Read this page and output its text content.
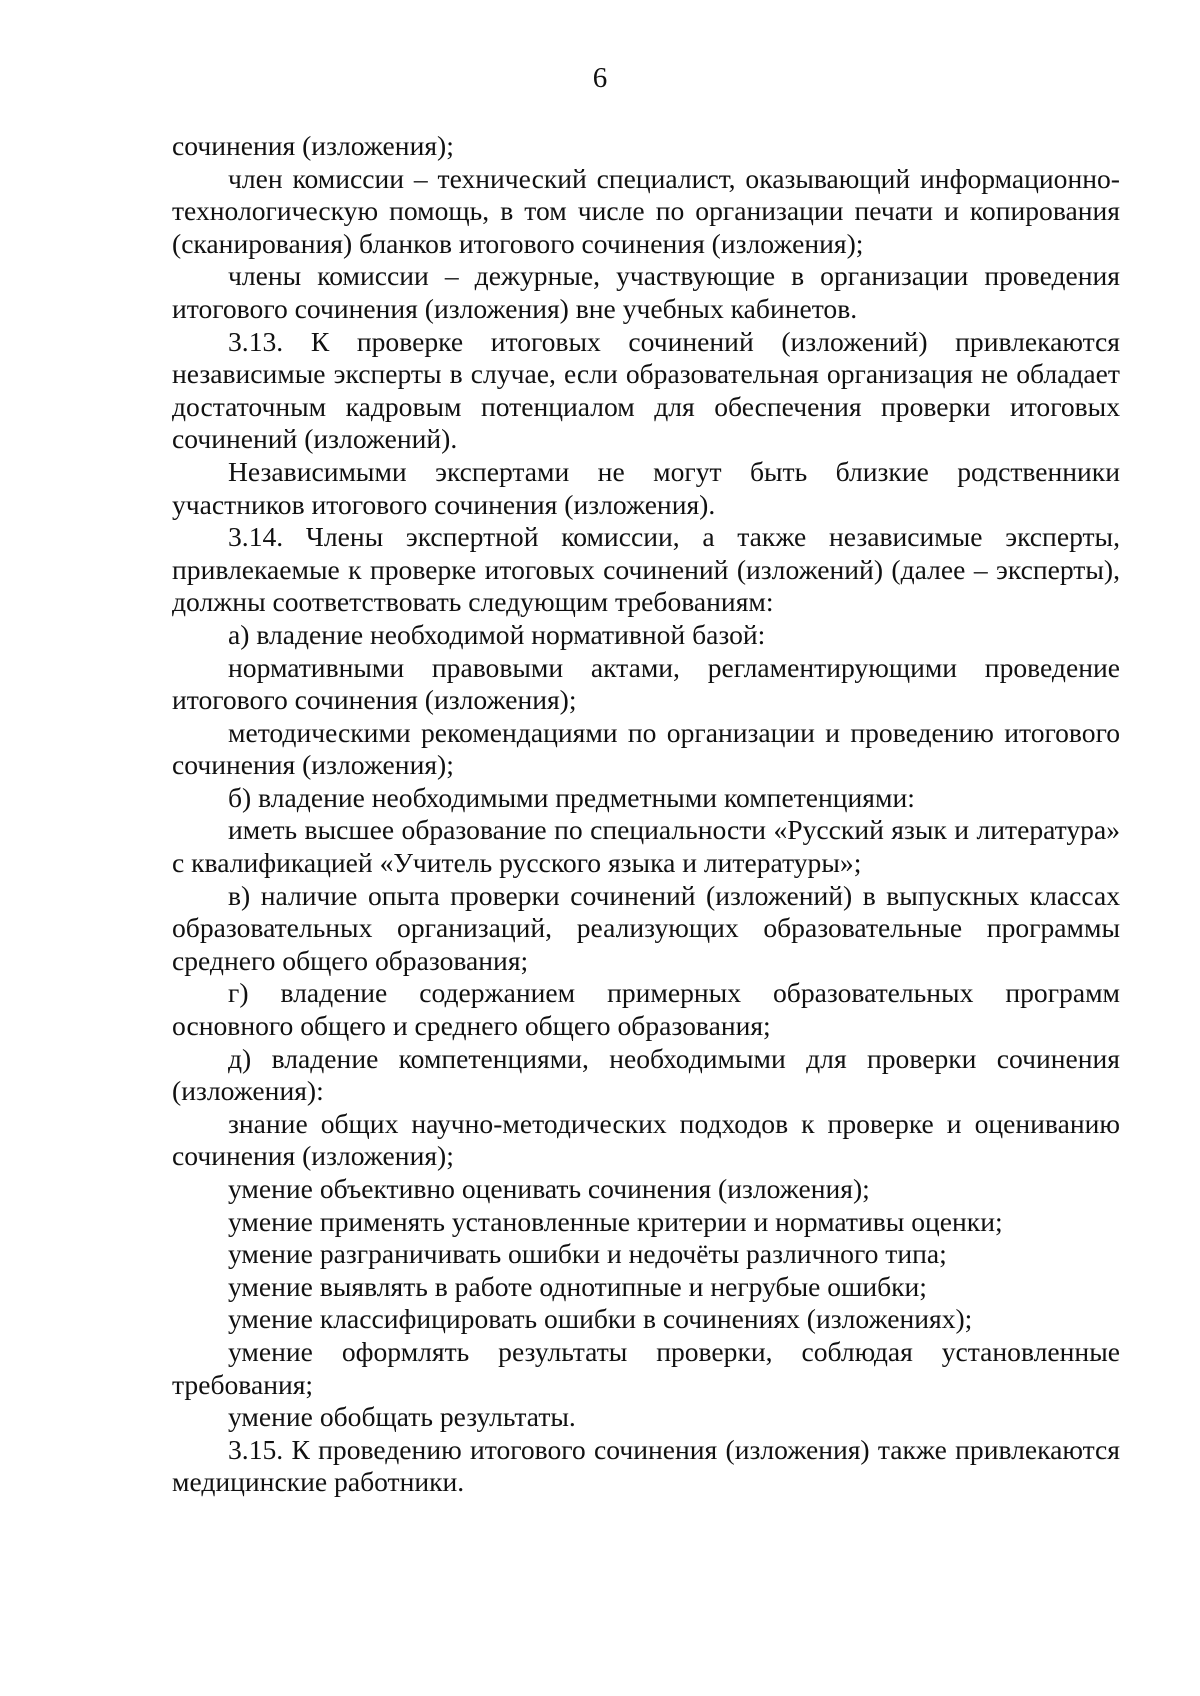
6

сочинения (изложения);

член комиссии – технический специалист, оказывающий информационно-технологическую помощь, в том числе по организации печати и копирования (сканирования) бланков итогового сочинения (изложения);

члены комиссии – дежурные, участвующие в организации проведения итогового сочинения (изложения) вне учебных кабинетов.

3.13. К проверке итоговых сочинений (изложений) привлекаются независимые эксперты в случае, если образовательная организация не обладает достаточным кадровым потенциалом для обеспечения проверки итоговых сочинений (изложений).

Независимыми экспертами не могут быть близкие родственники участников итогового сочинения (изложения).

3.14. Члены экспертной комиссии, а также независимые эксперты, привлекаемые к проверке итоговых сочинений (изложений) (далее – эксперты), должны соответствовать следующим требованиям:

а) владение необходимой нормативной базой:

нормативными правовыми актами, регламентирующими проведение итогового сочинения (изложения);

методическими рекомендациями по организации и проведению итогового сочинения (изложения);

б) владение необходимыми предметными компетенциями:

иметь высшее образование по специальности «Русский язык и литература» с квалификацией «Учитель русского языка и литературы»;

в) наличие опыта проверки сочинений (изложений) в выпускных классах образовательных организаций, реализующих образовательные программы среднего общего образования;

г) владение содержанием примерных образовательных программ основного общего и среднего общего образования;

д) владение компетенциями, необходимыми для проверки сочинения (изложения):

знание общих научно-методических подходов к проверке и оцениванию сочинения (изложения);

умение объективно оценивать сочинения (изложения);

умение применять установленные критерии и нормативы оценки;

умение разграничивать ошибки и недочёты различного типа;

умение выявлять в работе однотипные и негрубые ошибки;

умение классифицировать ошибки в сочинениях (изложениях);

умение оформлять результаты проверки, соблюдая установленные требования;

умение обобщать результаты.

3.15. К проведению итогового сочинения (изложения) также привлекаются медицинские работники.
